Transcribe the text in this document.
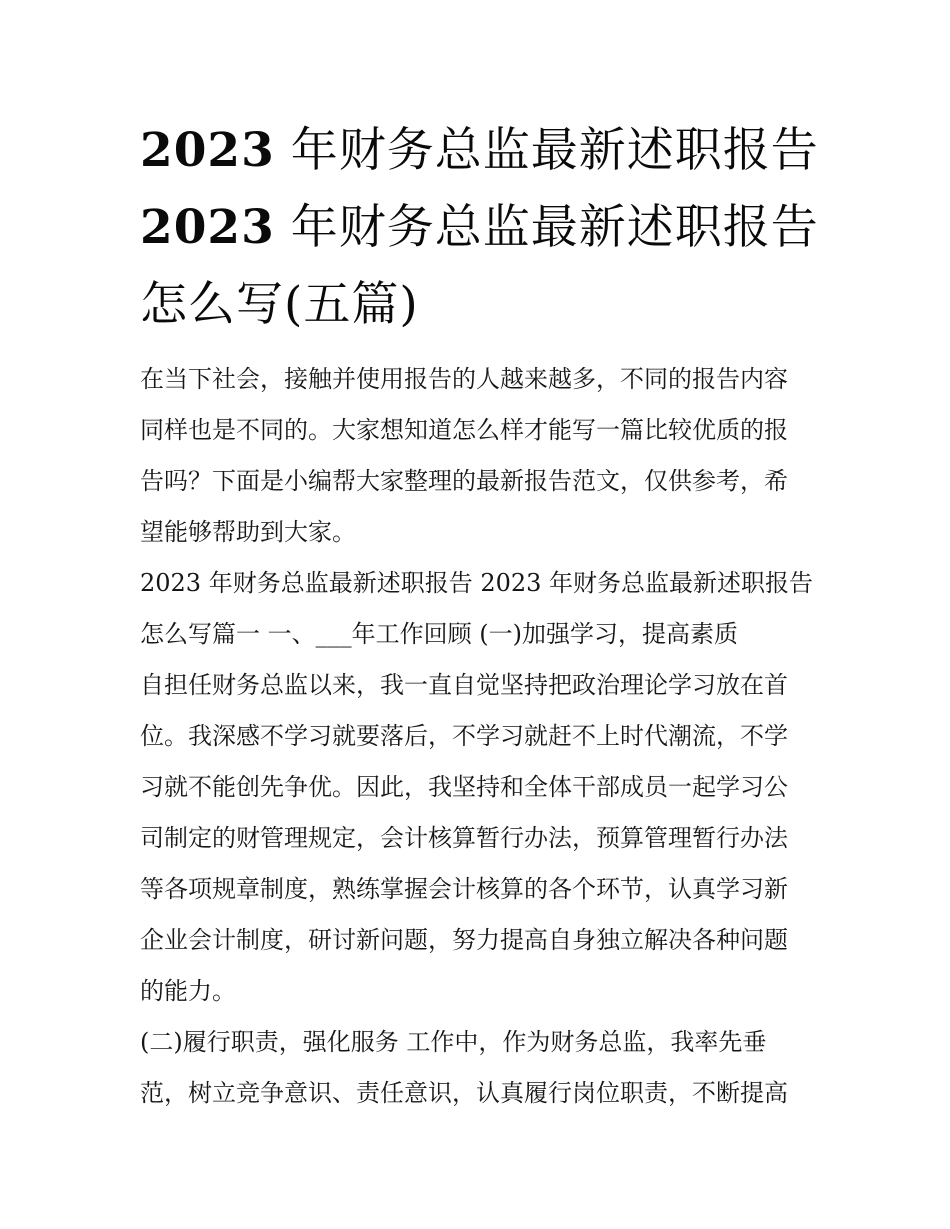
2023 年财务总监最新述职报告
2023 年财务总监最新述职报告
怎么写(五篇)
在当下社会，接触并使用报告的人越来越多，不同的报告内容
同样也是不同的。大家想知道怎么样才能写一篇比较优质的报
告吗？下面是小编帮大家整理的最新报告范文，仅供参考，希
望能够帮助到大家。
2023 年财务总监最新述职报告 2023 年财务总监最新述职报告
怎么写篇一 一、___年工作回顾 (一)加强学习，提高素质
自担任财务总监以来，我一直自觉坚持把政治理论学习放在首
位。我深感不学习就要落后，不学习就赶不上时代潮流，不学
习就不能创先争优。因此，我坚持和全体干部成员一起学习公
司制定的财管理规定，会计核算暂行办法，预算管理暂行办法
等各项规章制度，熟练掌握会计核算的各个环节，认真学习新
企业会计制度，研讨新问题，努力提高自身独立解决各种问题
的能力。
(二)履行职责，强化服务 工作中，作为财务总监，我率先垂
范，树立竞争意识、责任意识，认真履行岗位职责，不断提高
